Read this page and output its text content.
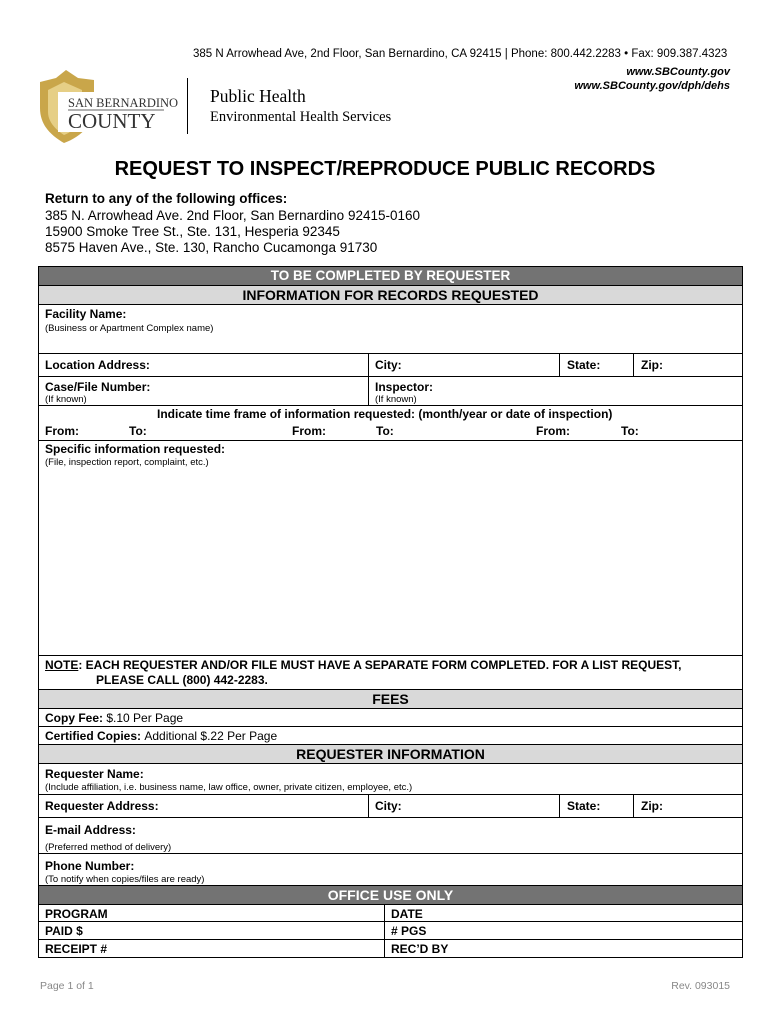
385 N Arrowhead Ave, 2nd Floor, San Bernardino, CA 92415 | Phone: 800.442.2283 • Fax: 909.387.4323
www.SBCounty.gov
www.SBCounty.gov/dph/dehs
SAN BERNARDINO
COUNTY
Public Health
Environmental Health Services
REQUEST TO INSPECT/REPRODUCE PUBLIC RECORDS
Return to any of the following offices:
385 N. Arrowhead Ave. 2nd Floor, San Bernardino 92415-0160
15900 Smoke Tree St., Ste. 131, Hesperia 92345
8575 Haven Ave., Ste. 130, Rancho Cucamonga 91730
TO BE COMPLETED BY REQUESTER
INFORMATION FOR RECORDS REQUESTED
Facility Name:
(Business or Apartment Complex name)
Location Address:	City:	State:	Zip:
Case/File Number:
(If known)
Inspector:
(If known)
Indicate time frame of information requested: (month/year or date of inspection)
From:	To:	From:	To:	From:	To:
Specific information requested:
(File, inspection report, complaint, etc.)
NOTE: EACH REQUESTER AND/OR FILE MUST HAVE A SEPARATE FORM COMPLETED. FOR A LIST REQUEST,
PLEASE CALL (800) 442-2283.
FEES
Copy Fee: $.10 Per Page
Certified Copies: Additional $.22 Per Page
REQUESTER INFORMATION
Requester Name:
(Include affiliation, i.e. business name, law office, owner, private citizen, employee, etc.)
Requester Address:	City:	State:	Zip:
E-mail Address:
(Preferred method of delivery)
Phone Number:
(To notify when copies/files are ready)
OFFICE USE ONLY
PROGRAM	DATE
PAID $	# PGS
RECEIPT #	REC’D BY
Page 1 of 1	Rev. 093015
